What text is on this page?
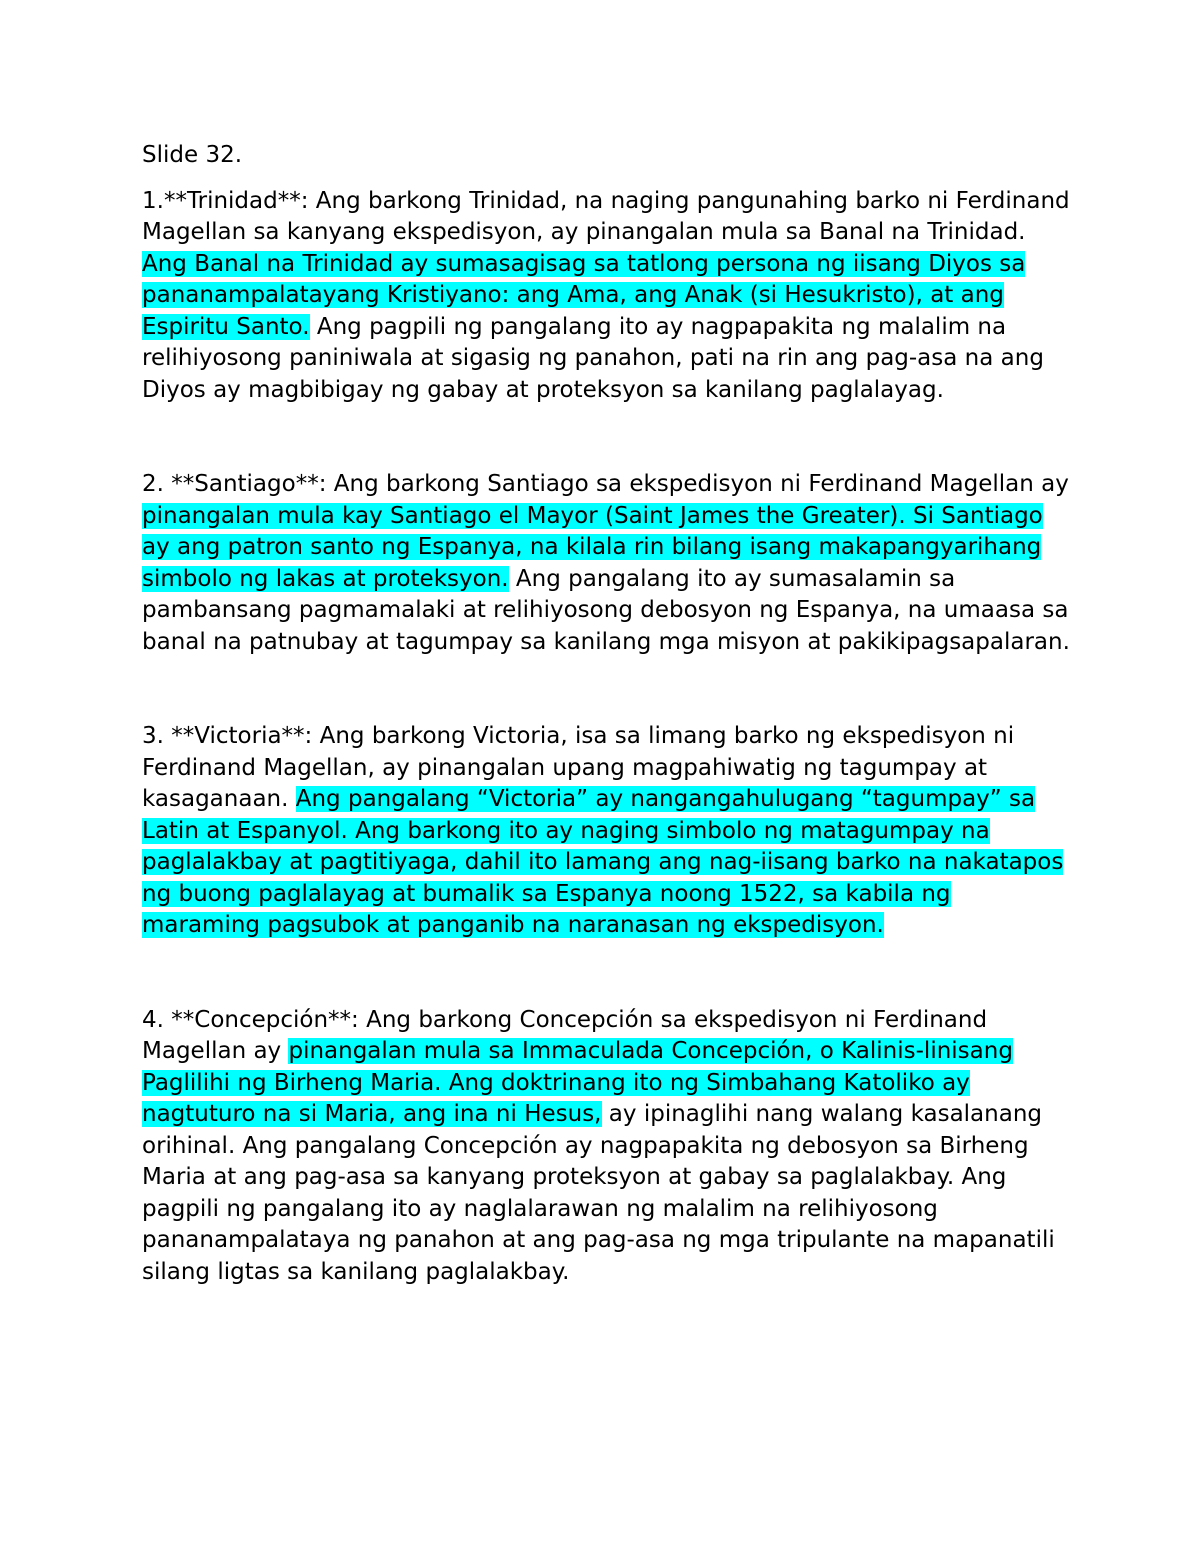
Slide 32.

1.**Trinidad**: Ang barkong Trinidad, na naging pangunahing barko ni Ferdinand Magellan sa kanyang ekspedisyon, ay pinangalan mula sa Banal na Trinidad. Ang Banal na Trinidad ay sumasagisag sa tatlong persona ng iisang Diyos sa pananampalatayang Kristiyano: ang Ama, ang Anak (si Hesukristo), at ang Espiritu Santo. Ang pagpili ng pangalang ito ay nagpapakita ng malalim na relihiyosong paniniwala at sigasig ng panahon, pati na rin ang pag-asa na ang Diyos ay magbibigay ng gabay at proteksyon sa kanilang paglalayag.

2. **Santiago**: Ang barkong Santiago sa ekspedisyon ni Ferdinand Magellan ay pinangalan mula kay Santiago el Mayor (Saint James the Greater). Si Santiago ay ang patron santo ng Espanya, na kilala rin bilang isang makapangyarihang simbolo ng lakas at proteksyon. Ang pangalang ito ay sumasalamin sa pambansang pagmamalaki at relihiyosong debosyon ng Espanya, na umaasa sa banal na patnubay at tagumpay sa kanilang mga misyon at pakikipagsapalaran.

3. **Victoria**: Ang barkong Victoria, isa sa limang barko ng ekspedisyon ni Ferdinand Magellan, ay pinangalan upang magpahiwatig ng tagumpay at kasaganaan. Ang pangalang “Victoria” ay nangangahulugang “tagumpay” sa Latin at Espanyol. Ang barkong ito ay naging simbolo ng matagumpay na paglalakbay at pagtitiyaga, dahil ito lamang ang nag-iisang barko na nakatapos ng buong paglalayag at bumalik sa Espanya noong 1522, sa kabila ng maraming pagsubok at panganib na naranasan ng ekspedisyon.

4. **Concepción**: Ang barkong Concepción sa ekspedisyon ni Ferdinand Magellan ay pinangalan mula sa Immaculada Concepción, o Kalinis-linisang Paglilihi ng Birheng Maria. Ang doktrinang ito ng Simbahang Katoliko ay nagtuturo na si Maria, ang ina ni Hesus, ay ipinaglihi nang walang kasalanang orihinal. Ang pangalang Concepción ay nagpapakita ng debosyon sa Birheng Maria at ang pag-asa sa kanyang proteksyon at gabay sa paglalakbay. Ang pagpili ng pangalang ito ay naglalarawan ng malalim na relihiyosong pananampalataya ng panahon at ang pag-asa ng mga tripulante na mapanatili silang ligtas sa kanilang paglalakbay.
